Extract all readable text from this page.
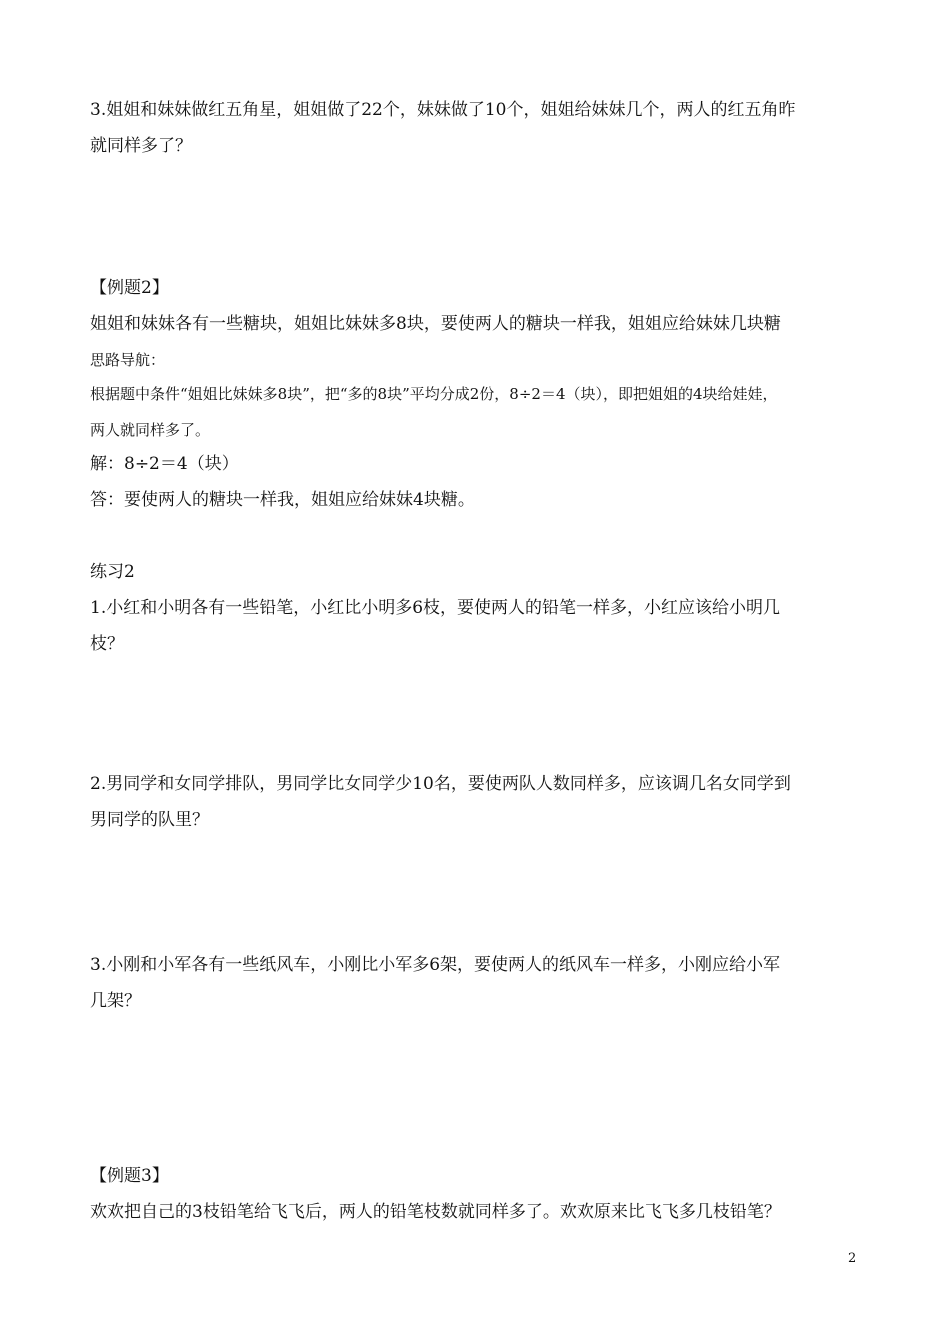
3.姐姐和妹妹做红五角星，姐姐做了22个，妹妹做了10个，姐姐给妹妹几个，两人的红五角昨

就同样多了？

【例题2】

姐姐和妹妹各有一些糖块，姐姐比妹妹多8块，要使两人的糖块一样我，姐姐应给妹妹几块糖

思路导航：

根据题中条件“姐姐比妹妹多8块”，把“多的8块”平均分成2份，8÷2＝4（块），即把姐姐的4块给娃娃，

两人就同样多了。

解：8÷2＝4（块）

答：要使两人的糖块一样我，姐姐应给妹妹4块糖。

练习2

1.小红和小明各有一些铅笔，小红比小明多6枝，要使两人的铅笔一样多，小红应该给小明几

枝？

2.男同学和女同学排队，男同学比女同学少10名，要使两队人数同样多，应该调几名女同学到

男同学的队里？

3.小刚和小军各有一些纸风车，小刚比小军多6架，要使两人的纸风车一样多，小刚应给小军

几架？

【例题3】

欢欢把自己的3枝铅笔给飞飞后，两人的铅笔枝数就同样多了。欢欢原来比飞飞多几枝铅笔？

2
